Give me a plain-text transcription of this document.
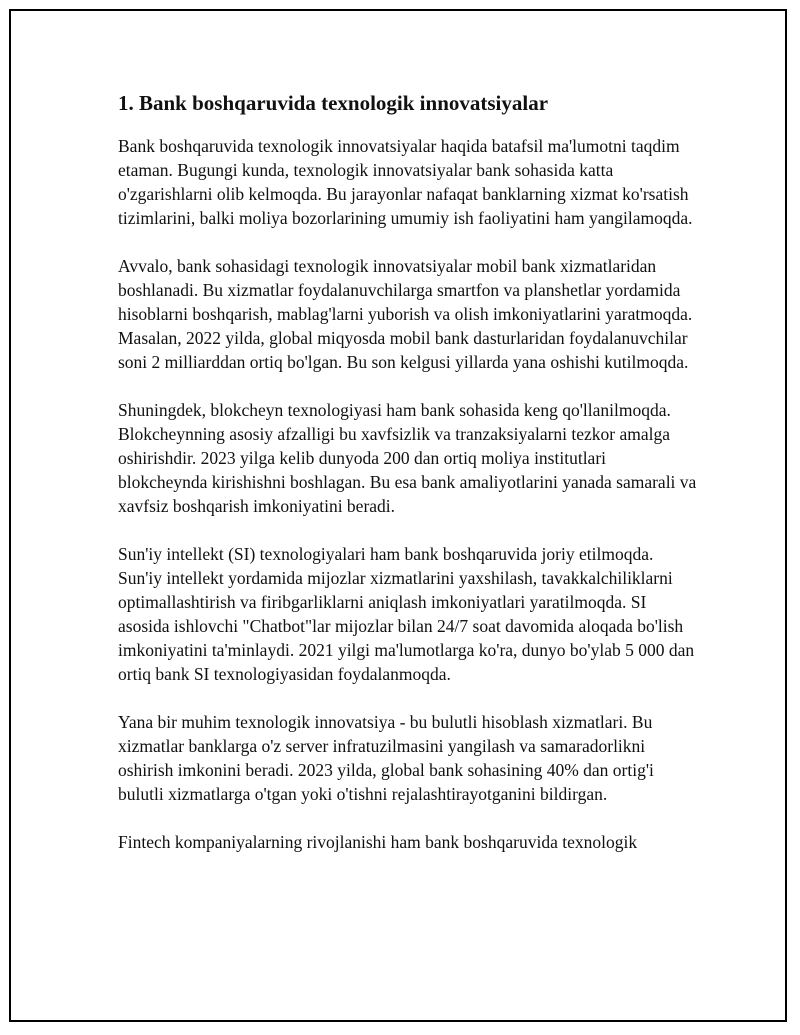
1. Bank boshqaruvida texnologik innovatsiyalar

Bank boshqaruvida texnologik innovatsiyalar haqida batafsil ma'lumotni taqdim etaman. Bugungi kunda, texnologik innovatsiyalar bank sohasida katta o'zgarishlarni olib kelmoqda. Bu jarayonlar nafaqat banklarning xizmat ko'rsatish tizimlarini, balki moliya bozorlarining umumiy ish faoliyatini ham yangilamoqda.

Avvalo, bank sohasidagi texnologik innovatsiyalar mobil bank xizmatlaridan boshlanadi. Bu xizmatlar foydalanuvchilarga smartfon va planshetlar yordamida hisoblarni boshqarish, mablag'larni yuborish va olish imkoniyatlarini yaratmoqda. Masalan, 2022 yilda, global miqyosda mobil bank dasturlaridan foydalanuvchilar soni 2 milliarddan ortiq bo'lgan. Bu son kelgusi yillarda yana oshishi kutilmoqda.

Shuningdek, blokcheyn texnologiyasi ham bank sohasida keng qo'llanilmoqda. Blokcheynning asosiy afzalligi bu xavfsizlik va tranzaksiyalarni tezkor amalga oshirishdir. 2023 yilga kelib dunyoda 200 dan ortiq moliya institutlari blokcheynda kirishishni boshlagan. Bu esa bank amaliyotlarini yanada samarali va xavfsiz boshqarish imkoniyatini beradi.

Sun'iy intellekt (SI) texnologiyalari ham bank boshqaruvida joriy etilmoqda. Sun'iy intellekt yordamida mijozlar xizmatlarini yaxshilash, tavakkalchiliklarni optimallashtirish va firibgarliklarni aniqlash imkoniyatlari yaratilmoqda. SI asosida ishlovchi "Chatbot"lar mijozlar bilan 24/7 soat davomida aloqada bo'lish imkoniyatini ta'minlaydi. 2021 yilgi ma'lumotlarga ko'ra, dunyo bo'ylab 5 000 dan ortiq bank SI texnologiyasidan foydalanmoqda.

Yana bir muhim texnologik innovatsiya - bu bulutli hisoblash xizmatlari. Bu xizmatlar banklarga o'z server infratuzilmasini yangilash va samaradorlikni oshirish imkonini beradi. 2023 yilda, global bank sohasining 40% dan ortig'i bulutli xizmatlarga o'tgan yoki o'tishni rejalashtirayotganini bildirgan.

Fintech kompaniyalarning rivojlanishi ham bank boshqaruvida texnologik
